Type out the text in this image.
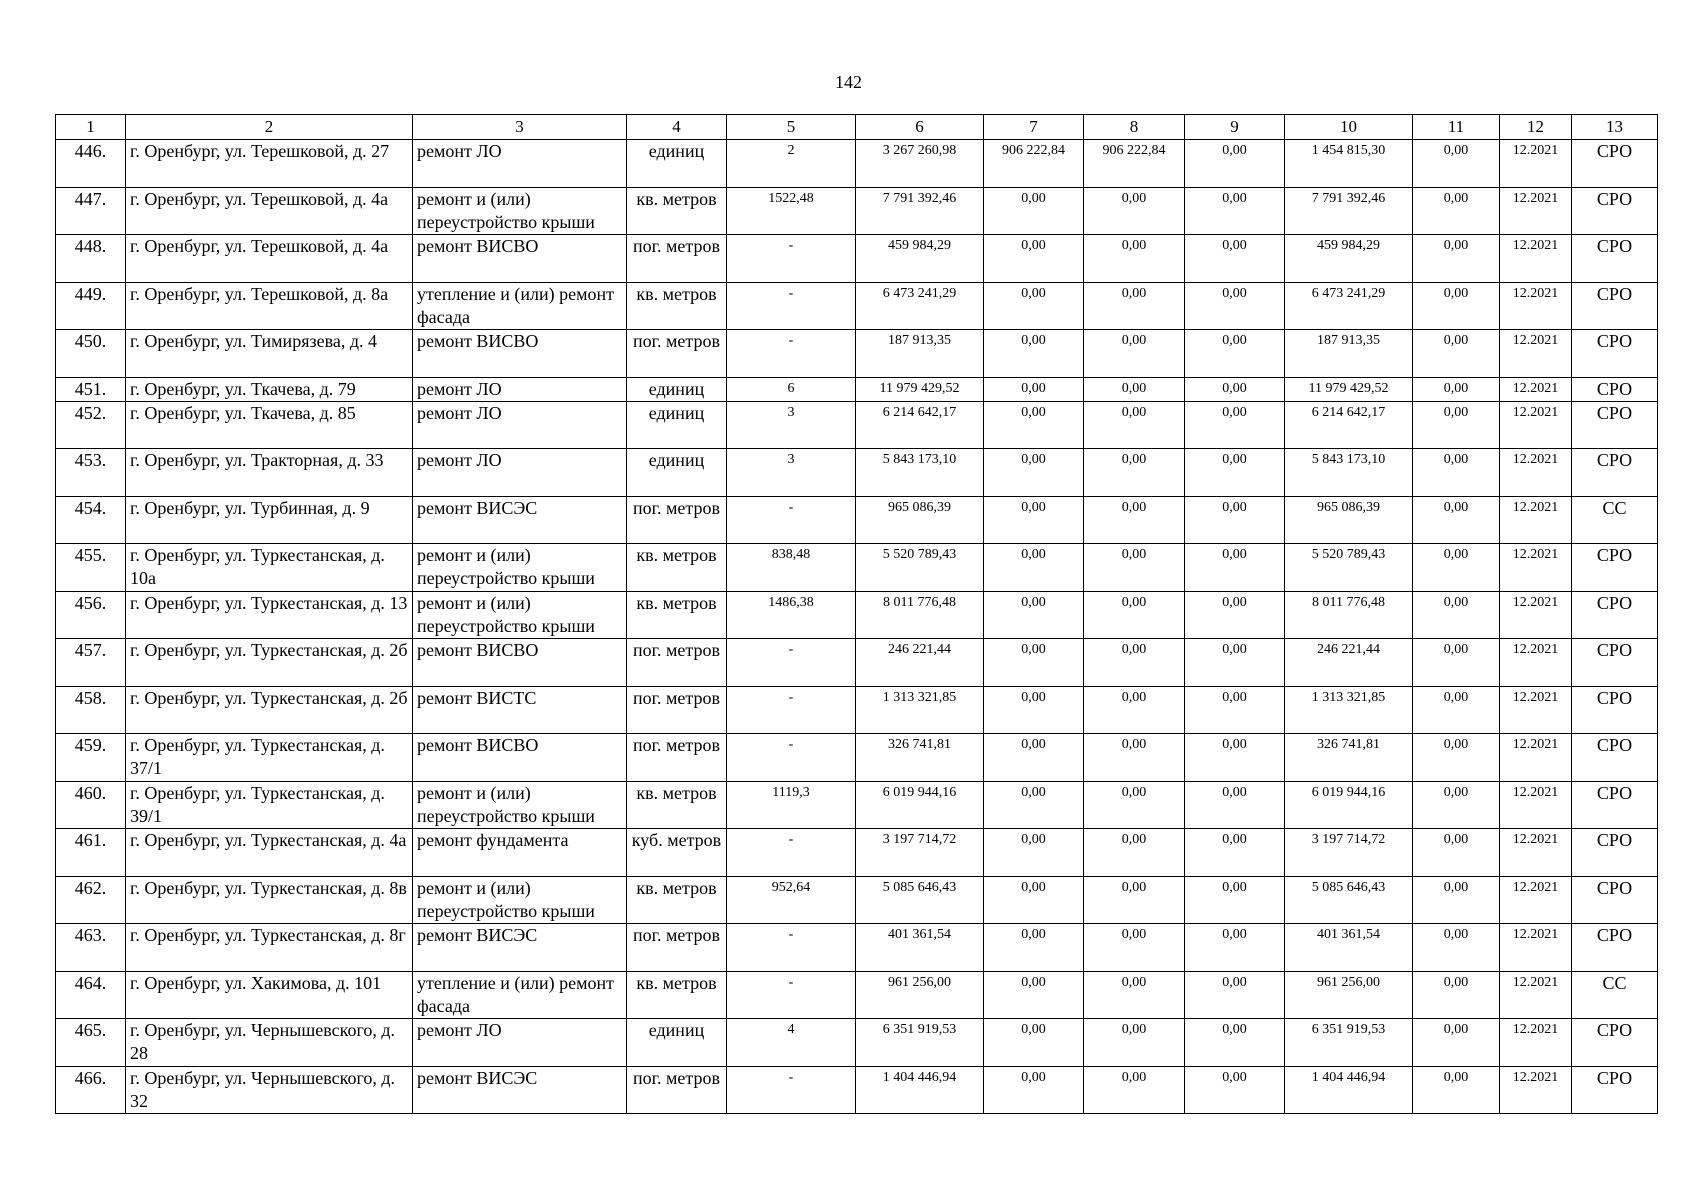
142
1	2	3	4	5	6	7	8	9	10	11	12	13
446.	г. Оренбург, ул. Терешковой, д. 27	ремонт ЛО	единиц	2	3 267 260,98	906 222,84	906 222,84	0,00	1 454 815,30	0,00	12.2021	СРО
447.	г. Оренбург, ул. Терешковой, д. 4а	ремонт и (или) переустройство крыши	кв. метров	1522,48	7 791 392,46	0,00	0,00	0,00	7 791 392,46	0,00	12.2021	СРО
448.	г. Оренбург, ул. Терешковой, д. 4а	ремонт ВИСВО	пог. метров	-	459 984,29	0,00	0,00	0,00	459 984,29	0,00	12.2021	СРО
449.	г. Оренбург, ул. Терешковой, д. 8а	утепление и (или) ремонт фасада	кв. метров	-	6 473 241,29	0,00	0,00	0,00	6 473 241,29	0,00	12.2021	СРО
450.	г. Оренбург, ул. Тимирязева, д. 4	ремонт ВИСВО	пог. метров	-	187 913,35	0,00	0,00	0,00	187 913,35	0,00	12.2021	СРО
451.	г. Оренбург, ул. Ткачева, д. 79	ремонт ЛО	единиц	6	11 979 429,52	0,00	0,00	0,00	11 979 429,52	0,00	12.2021	СРО
452.	г. Оренбург, ул. Ткачева, д. 85	ремонт ЛО	единиц	3	6 214 642,17	0,00	0,00	0,00	6 214 642,17	0,00	12.2021	СРО
453.	г. Оренбург, ул. Тракторная, д. 33	ремонт ЛО	единиц	3	5 843 173,10	0,00	0,00	0,00	5 843 173,10	0,00	12.2021	СРО
454.	г. Оренбург, ул. Турбинная, д. 9	ремонт ВИСЭС	пог. метров	-	965 086,39	0,00	0,00	0,00	965 086,39	0,00	12.2021	СС
455.	г. Оренбург, ул. Туркестанская, д. 10а	ремонт и (или) переустройство крыши	кв. метров	838,48	5 520 789,43	0,00	0,00	0,00	5 520 789,43	0,00	12.2021	СРО
456.	г. Оренбург, ул. Туркестанская, д. 13	ремонт и (или) переустройство крыши	кв. метров	1486,38	8 011 776,48	0,00	0,00	0,00	8 011 776,48	0,00	12.2021	СРО
457.	г. Оренбург, ул. Туркестанская, д. 2б	ремонт ВИСВО	пог. метров	-	246 221,44	0,00	0,00	0,00	246 221,44	0,00	12.2021	СРО
458.	г. Оренбург, ул. Туркестанская, д. 2б	ремонт ВИСТС	пог. метров	-	1 313 321,85	0,00	0,00	0,00	1 313 321,85	0,00	12.2021	СРО
459.	г. Оренбург, ул. Туркестанская, д. 37/1	ремонт ВИСВО	пог. метров	-	326 741,81	0,00	0,00	0,00	326 741,81	0,00	12.2021	СРО
460.	г. Оренбург, ул. Туркестанская, д. 39/1	ремонт и (или) переустройство крыши	кв. метров	1119,3	6 019 944,16	0,00	0,00	0,00	6 019 944,16	0,00	12.2021	СРО
461.	г. Оренбург, ул. Туркестанская, д. 4а	ремонт фундамента	куб. метров	-	3 197 714,72	0,00	0,00	0,00	3 197 714,72	0,00	12.2021	СРО
462.	г. Оренбург, ул. Туркестанская, д. 8в	ремонт и (или) переустройство крыши	кв. метров	952,64	5 085 646,43	0,00	0,00	0,00	5 085 646,43	0,00	12.2021	СРО
463.	г. Оренбург, ул. Туркестанская, д. 8г	ремонт ВИСЭС	пог. метров	-	401 361,54	0,00	0,00	0,00	401 361,54	0,00	12.2021	СРО
464.	г. Оренбург, ул. Хакимова, д. 101	утепление и (или) ремонт фасада	кв. метров	-	961 256,00	0,00	0,00	0,00	961 256,00	0,00	12.2021	СС
465.	г. Оренбург, ул. Чернышевского, д. 28	ремонт ЛО	единиц	4	6 351 919,53	0,00	0,00	0,00	6 351 919,53	0,00	12.2021	СРО
466.	г. Оренбург, ул. Чернышевского, д. 32	ремонт ВИСЭС	пог. метров	-	1 404 446,94	0,00	0,00	0,00	1 404 446,94	0,00	12.2021	СРО
